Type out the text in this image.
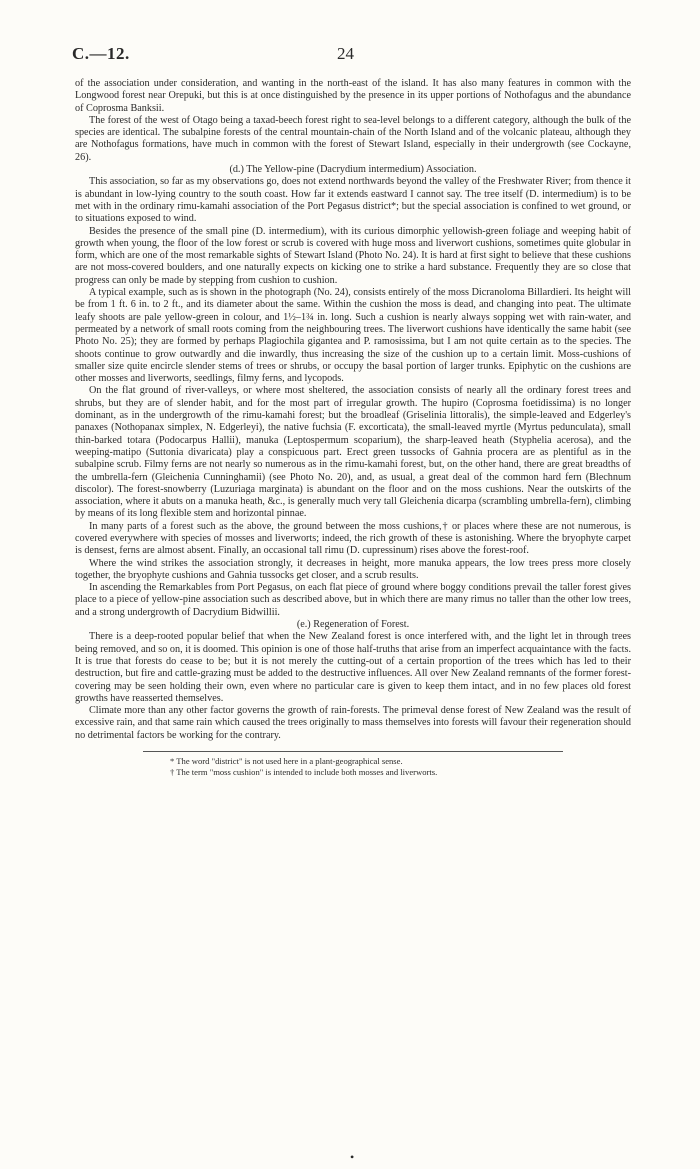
C.—12.	24

of the association under consideration, and wanting in the north-east of the island. It has also many features in common with the Longwood forest near Orepuki, but this is at once distinguished by the presence in its upper portions of Nothofagus and the abundance of Coprosma Banksii.

The forest of the west of Otago being a taxad-beech forest right to sea-level belongs to a different category, although the bulk of the species are identical. The subalpine forests of the central mountain-chain of the North Island and of the volcanic plateau, although they are Nothofagus formations, have much in common with the forest of Stewart Island, especially in their undergrowth (see Cockayne, 26).

(d.) The Yellow-pine (Dacrydium intermedium) Association.

This association, so far as my observations go, does not extend northwards beyond the valley of the Freshwater River; from thence it is abundant in low-lying country to the south coast. How far it extends eastward I cannot say. The tree itself (D. intermedium) is to be met with in the ordinary rimu-kamahi association of the Port Pegasus district*; but the special association is confined to wet ground, or to situations exposed to wind.

Besides the presence of the small pine (D. intermedium), with its curious dimorphic yellowish-green foliage and weeping habit of growth when young, the floor of the low forest or scrub is covered with huge moss and liverwort cushions, sometimes quite globular in form, which are one of the most remarkable sights of Stewart Island (Photo No. 24). It is hard at first sight to believe that these cushions are not moss-covered boulders, and one naturally expects on kicking one to strike a hard substance. Frequently they are so close that progress can only be made by stepping from cushion to cushion.

A typical example, such as is shown in the photograph (No. 24), consists entirely of the moss Dicranoloma Billardieri. Its height will be from 1 ft. 6 in. to 2 ft., and its diameter about the same. Within the cushion the moss is dead, and changing into peat. The ultimate leafy shoots are pale yellow-green in colour, and 1½–1¾ in. long. Such a cushion is nearly always sopping wet with rain-water, and permeated by a network of small roots coming from the neighbouring trees. The liverwort cushions have identically the same habit (see Photo No. 25); they are formed by perhaps Plagiochila gigantea and P. ramosissima, but I am not quite certain as to the species. The shoots continue to grow outwardly and die inwardly, thus increasing the size of the cushion up to a certain limit. Moss-cushions of smaller size quite encircle slender stems of trees or shrubs, or occupy the basal portion of larger trunks. Epiphytic on the cushions are other mosses and liverworts, seedlings, filmy ferns, and lycopods.

On the flat ground of river-valleys, or where most sheltered, the association consists of nearly all the ordinary forest trees and shrubs, but they are of slender habit, and for the most part of irregular growth. The hupiro (Coprosma foetidissima) is no longer dominant, as in the undergrowth of the rimu-kamahi forest; but the broadleaf (Griselinia littoralis), the simple-leaved and Edgerley's panaxes (Nothopanax simplex, N. Edgerleyi), the native fuchsia (F. excorticata), the small-leaved myrtle (Myrtus pedunculata), small thin-barked totara (Podocarpus Hallii), manuka (Leptospermum scoparium), the sharp-leaved heath (Styphelia acerosa), and the weeping-matipo (Suttonia divaricata) play a conspicuous part. Erect green tussocks of Gahnia procera are as plentiful as in the subalpine scrub. Filmy ferns are not nearly so numerous as in the rimu-kamahi forest, but, on the other hand, there are great breadths of the umbrella-fern (Gleichenia Cunninghamii) (see Photo No. 20), and, as usual, a great deal of the common hard fern (Blechnum discolor). The forest-snowberry (Luzuriaga marginata) is abundant on the floor and on the moss cushions. Near the outskirts of the association, where it abuts on a manuka heath, &c., is generally much very tall Gleichenia dicarpa (scrambling umbrella-fern), climbing by means of its long flexible stem and horizontal pinnae.

In many parts of a forest such as the above, the ground between the moss cushions,† or places where these are not numerous, is covered everywhere with species of mosses and liverworts; indeed, the rich growth of these is astonishing. Where the bryophyte carpet is densest, ferns are almost absent. Finally, an occasional tall rimu (D. cupressinum) rises above the forest-roof.

Where the wind strikes the association strongly, it decreases in height, more manuka appears, the low trees press more closely together, the bryophyte cushions and Gahnia tussocks get closer, and a scrub results.

In ascending the Remarkables from Port Pegasus, on each flat piece of ground where boggy conditions prevail the taller forest gives place to a piece of yellow-pine association such as described above, but in which there are many rimus no taller than the other low trees, and a strong undergrowth of Dacrydium Bidwillii.

(e.) Regeneration of Forest.

There is a deep-rooted popular belief that when the New Zealand forest is once interfered with, and the light let in through trees being removed, and so on, it is doomed. This opinion is one of those half-truths that arise from an imperfect acquaintance with the facts. It is true that forests do cease to be; but it is not merely the cutting-out of a certain proportion of the trees which has led to their destruction, but fire and cattle-grazing must be added to the destructive influences. All over New Zealand remnants of the former forest-covering may be seen holding their own, even where no particular care is given to keep them intact, and in no few places old forest growths have reasserted themselves.

Climate more than any other factor governs the growth of rain-forests. The primeval dense forest of New Zealand was the result of excessive rain, and that same rain which caused the trees originally to mass themselves into forests will favour their regeneration should no detrimental factors be working for the contrary.

* The word "district" is not used here in a plant-geographical sense.

† The term "moss cushion" is intended to include both mosses and liverworts.

•
